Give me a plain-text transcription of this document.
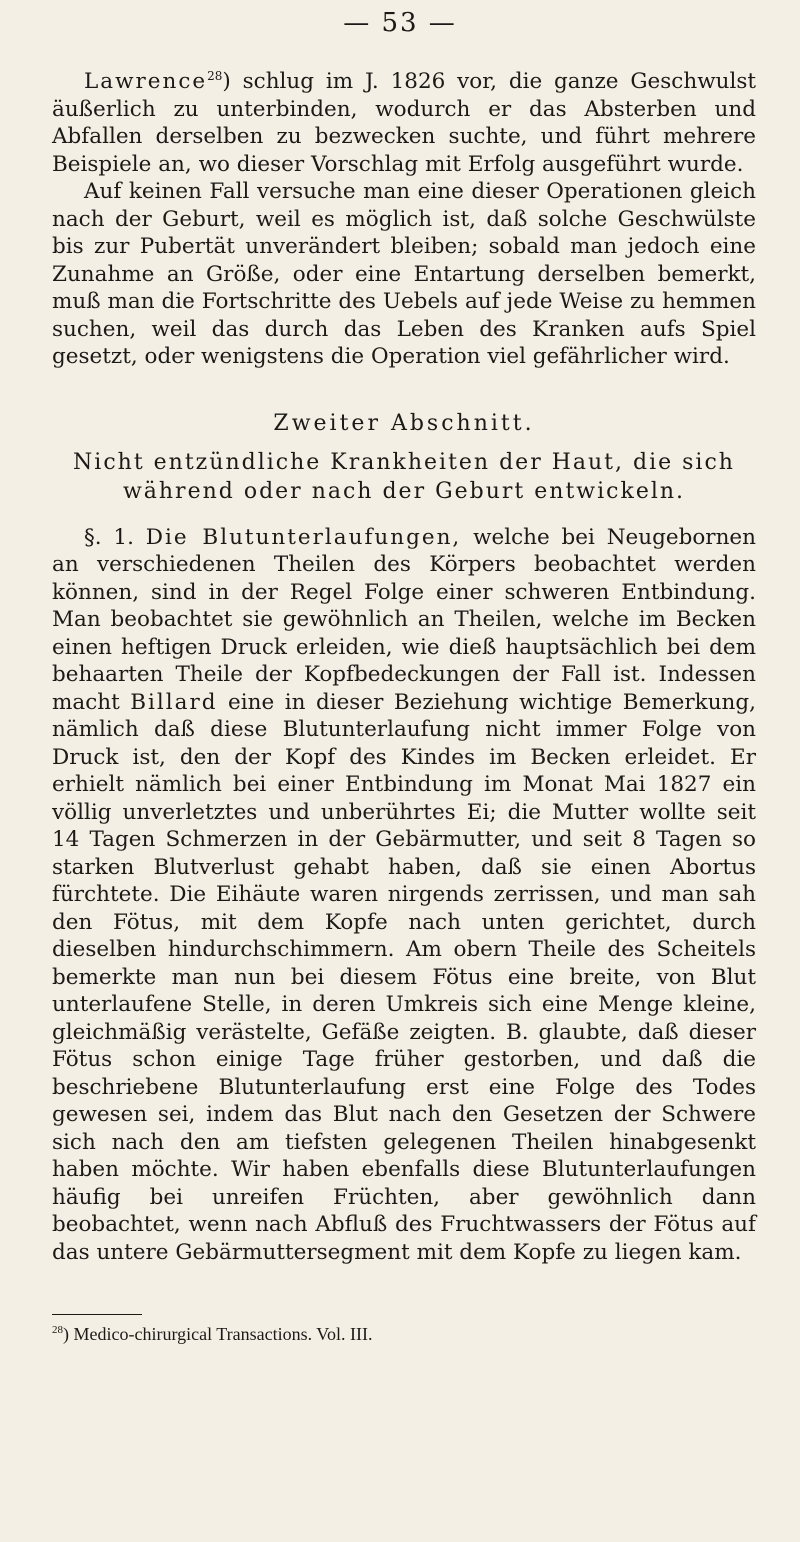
— 53 —

Lawrence$^{28}$) schlug im J. 1826 vor, die ganze Geschwulst äußerlich zu unterbinden, wodurch er das Absterben und Abfallen derselben zu bezwecken suchte, und führt mehrere Beispiele an, wo dieser Vorschlag mit Erfolg ausgeführt wurde.

Auf keinen Fall versuche man eine dieser Operationen gleich nach der Geburt, weil es möglich ist, daß solche Geschwülste bis zur Pubertät unverändert bleiben; sobald man jedoch eine Zunahme an Größe, oder eine Entartung derselben bemerkt, muß man die Fortschritte des Uebels auf jede Weise zu hemmen suchen, weil das durch das Leben des Kranken aufs Spiel gesetzt, oder wenigstens die Operation viel gefährlicher wird.

Zweiter Abschnitt.
Nicht entzündliche Krankheiten der Haut, die sich während oder nach der Geburt entwickeln.

§. 1. Die Blutunterlaufungen, welche bei Neugebornen an verschiedenen Theilen des Körpers beobachtet werden können, sind in der Regel Folge einer schweren Entbindung. Man beobachtet sie gewöhnlich an Theilen, welche im Becken einen heftigen Druck erleiden, wie dieß hauptsächlich bei dem behaarten Theile der Kopfbedeckungen der Fall ist. Indessen macht Billard eine in dieser Beziehung wichtige Bemerkung, nämlich daß diese Blutunterlaufung nicht immer Folge von Druck ist, den der Kopf des Kindes im Becken erleidet. Er erhielt nämlich bei einer Entbindung im Monat Mai 1827 ein völlig unverletztes und unberührtes Ei; die Mutter wollte seit 14 Tagen Schmerzen in der Gebärmutter, und seit 8 Tagen so starken Blutverlust gehabt haben, daß sie einen Abortus fürchtete. Die Eihäute waren nirgends zerrissen, und man sah den Fötus, mit dem Kopfe nach unten gerichtet, durch dieselben hindurchschimmern. Am obern Theile des Scheitels bemerkte man nun bei diesem Fötus eine breite, von Blut unterlaufene Stelle, in deren Umkreis sich eine Menge kleine, gleichmäßig verästelte, Gefäße zeigten. B. glaubte, daß dieser Fötus schon einige Tage früher gestorben, und daß die beschriebene Blutunterlaufung erst eine Folge des Todes gewesen sei, indem das Blut nach den Gesetzen der Schwere sich nach den am tiefsten gelegenen Theilen hinabgesenkt haben möchte. Wir haben ebenfalls diese Blutunterlaufungen häufig bei unreifen Früchten, aber gewöhnlich dann beobachtet, wenn nach Abfluß des Fruchtwassers der Fötus auf das untere Gebärmuttersegment mit dem Kopfe zu liegen kam.

$^{28}$) Medico-chirurgical Transactions. Vol. III.
